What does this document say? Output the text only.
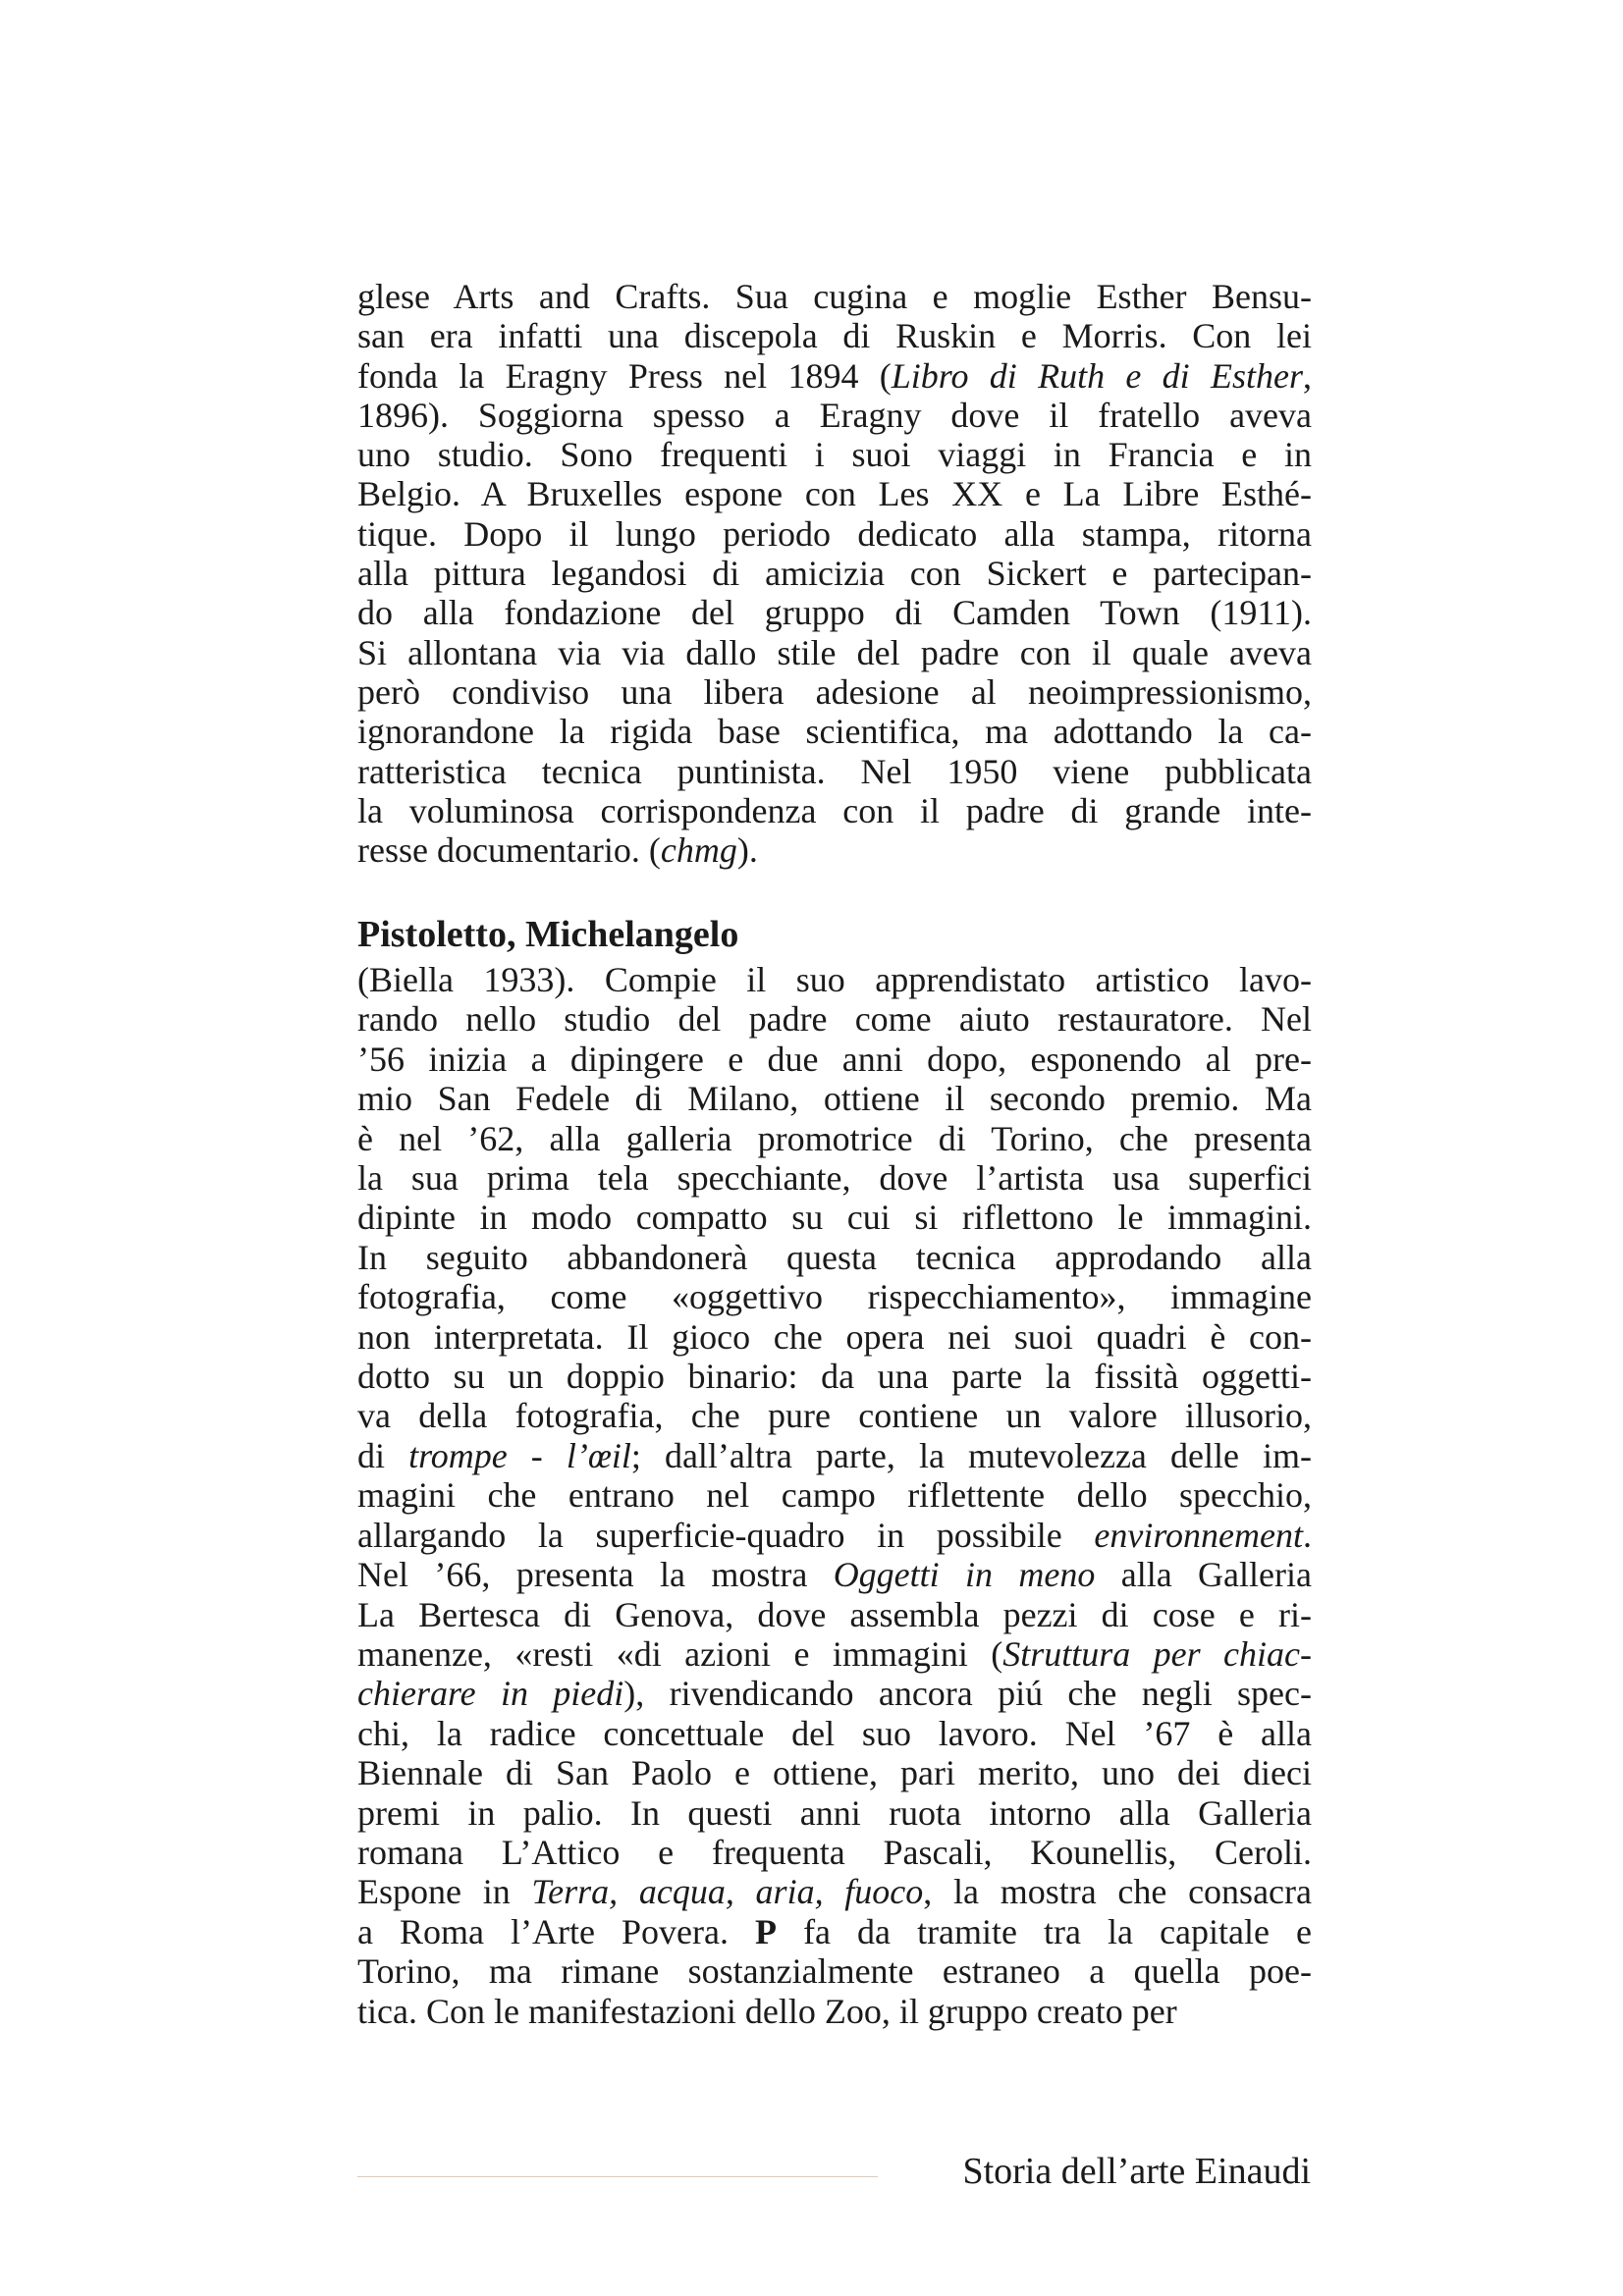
glese Arts and Crafts. Sua cugina e moglie Esther Bensu-
san era infatti una discepola di Ruskin e Morris. Con lei
fonda la Eragny Press nel 1894 (Libro di Ruth e di Esther,
1896). Soggiorna spesso a Eragny dove il fratello aveva
uno studio. Sono frequenti i suoi viaggi in Francia e in
Belgio. A Bruxelles espone con Les XX e La Libre Esthé-
tique. Dopo il lungo periodo dedicato alla stampa, ritorna
alla pittura legandosi di amicizia con Sickert e partecipan-
do alla fondazione del gruppo di Camden Town (1911).
Si allontana via via dallo stile del padre con il quale aveva
però condiviso una libera adesione al neoimpressionismo,
ignorandone la rigida base scientifica, ma adottando la ca-
ratteristica tecnica puntinista. Nel 1950 viene pubblicata
la voluminosa corrispondenza con il padre di grande inte-
resse documentario. (chmg).
Pistoletto, Michelangelo
(Biella 1933). Compie il suo apprendistato artistico lavo-
rando nello studio del padre come aiuto restauratore. Nel
’56 inizia a dipingere e due anni dopo, esponendo al pre-
mio San Fedele di Milano, ottiene il secondo premio. Ma
è nel ’62, alla galleria promotrice di Torino, che presenta
la sua prima tela specchiante, dove l’artista usa superfici
dipinte in modo compatto su cui si riflettono le immagini.
In seguito abbandonerà questa tecnica approdando alla
fotografia, come «oggettivo rispecchiamento», immagine
non interpretata. Il gioco che opera nei suoi quadri è con-
dotto su un doppio binario: da una parte la fissità oggetti-
va della fotografia, che pure contiene un valore illusorio,
di trompe - l’œil; dall’altra parte, la mutevolezza delle im-
magini che entrano nel campo riflettente dello specchio,
allargando la superficie-quadro in possibile environnement.
Nel ’66, presenta la mostra Oggetti in meno alla Galleria
La Bertesca di Genova, dove assembla pezzi di cose e ri-
manenze, «resti «di azioni e immagini (Struttura per chiac-
chierare in piedi), rivendicando ancora piú che negli spec-
chi, la radice concettuale del suo lavoro. Nel ’67 è alla
Biennale di San Paolo e ottiene, pari merito, uno dei dieci
premi in palio. In questi anni ruota intorno alla Galleria
romana L’Attico e frequenta Pascali, Kounellis, Ceroli.
Espone in Terra, acqua, aria, fuoco, la mostra che consacra
a Roma l’Arte Povera. P fa da tramite tra la capitale e
Torino, ma rimane sostanzialmente estraneo a quella poe-
tica. Con le manifestazioni dello Zoo, il gruppo creato per
Storia dell’arte Einaudi
